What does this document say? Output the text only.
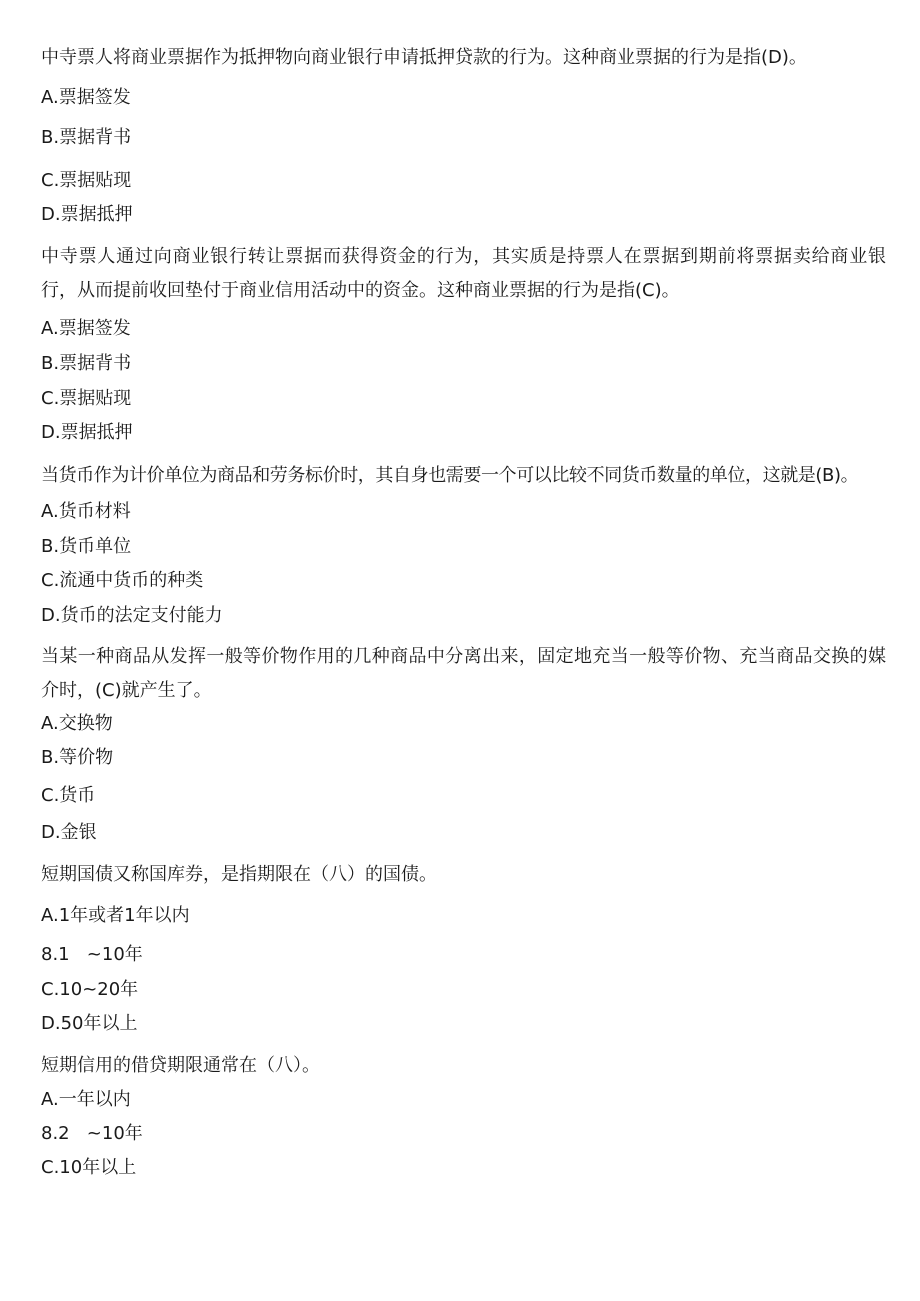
中寺票人将商业票据作为抵押物向商业银行申请抵押贷款的行为。这种商业票据的行为是指(D)。
A.票据签发
B.票据背书
C.票据贴现
D.票据抵押
中寺票人通过向商业银行转让票据而获得资金的行为，其实质是持票人在票据到期前将票据卖给商业银行，从而提前收回垫付于商业信用活动中的资金。这种商业票据的行为是指(C)。
A.票据签发
B.票据背书
C.票据贴现
D.票据抵押
当货币作为计价单位为商品和劳务标价时，其自身也需要一个可以比较不同货币数量的单位，这就是(B)。
A.货币材料
B.货币单位
C.流通中货币的种类
D.货币的法定支付能力
当某一种商品从发挥一般等价物作用的几种商品中分离出来，固定地充当一般等价物、充当商品交换的媒介时，(C)就产生了。
A.交换物
B.等价物
C.货币
D.金银
短期国债又称国库券，是指期限在（八）的国债。
A.1年或者1年以内
8.1   ~10年
C.10~20年
D.50年以上
短期信用的借贷期限通常在（八）。
A.一年以内
8.2   ~10年
C.10年以上
